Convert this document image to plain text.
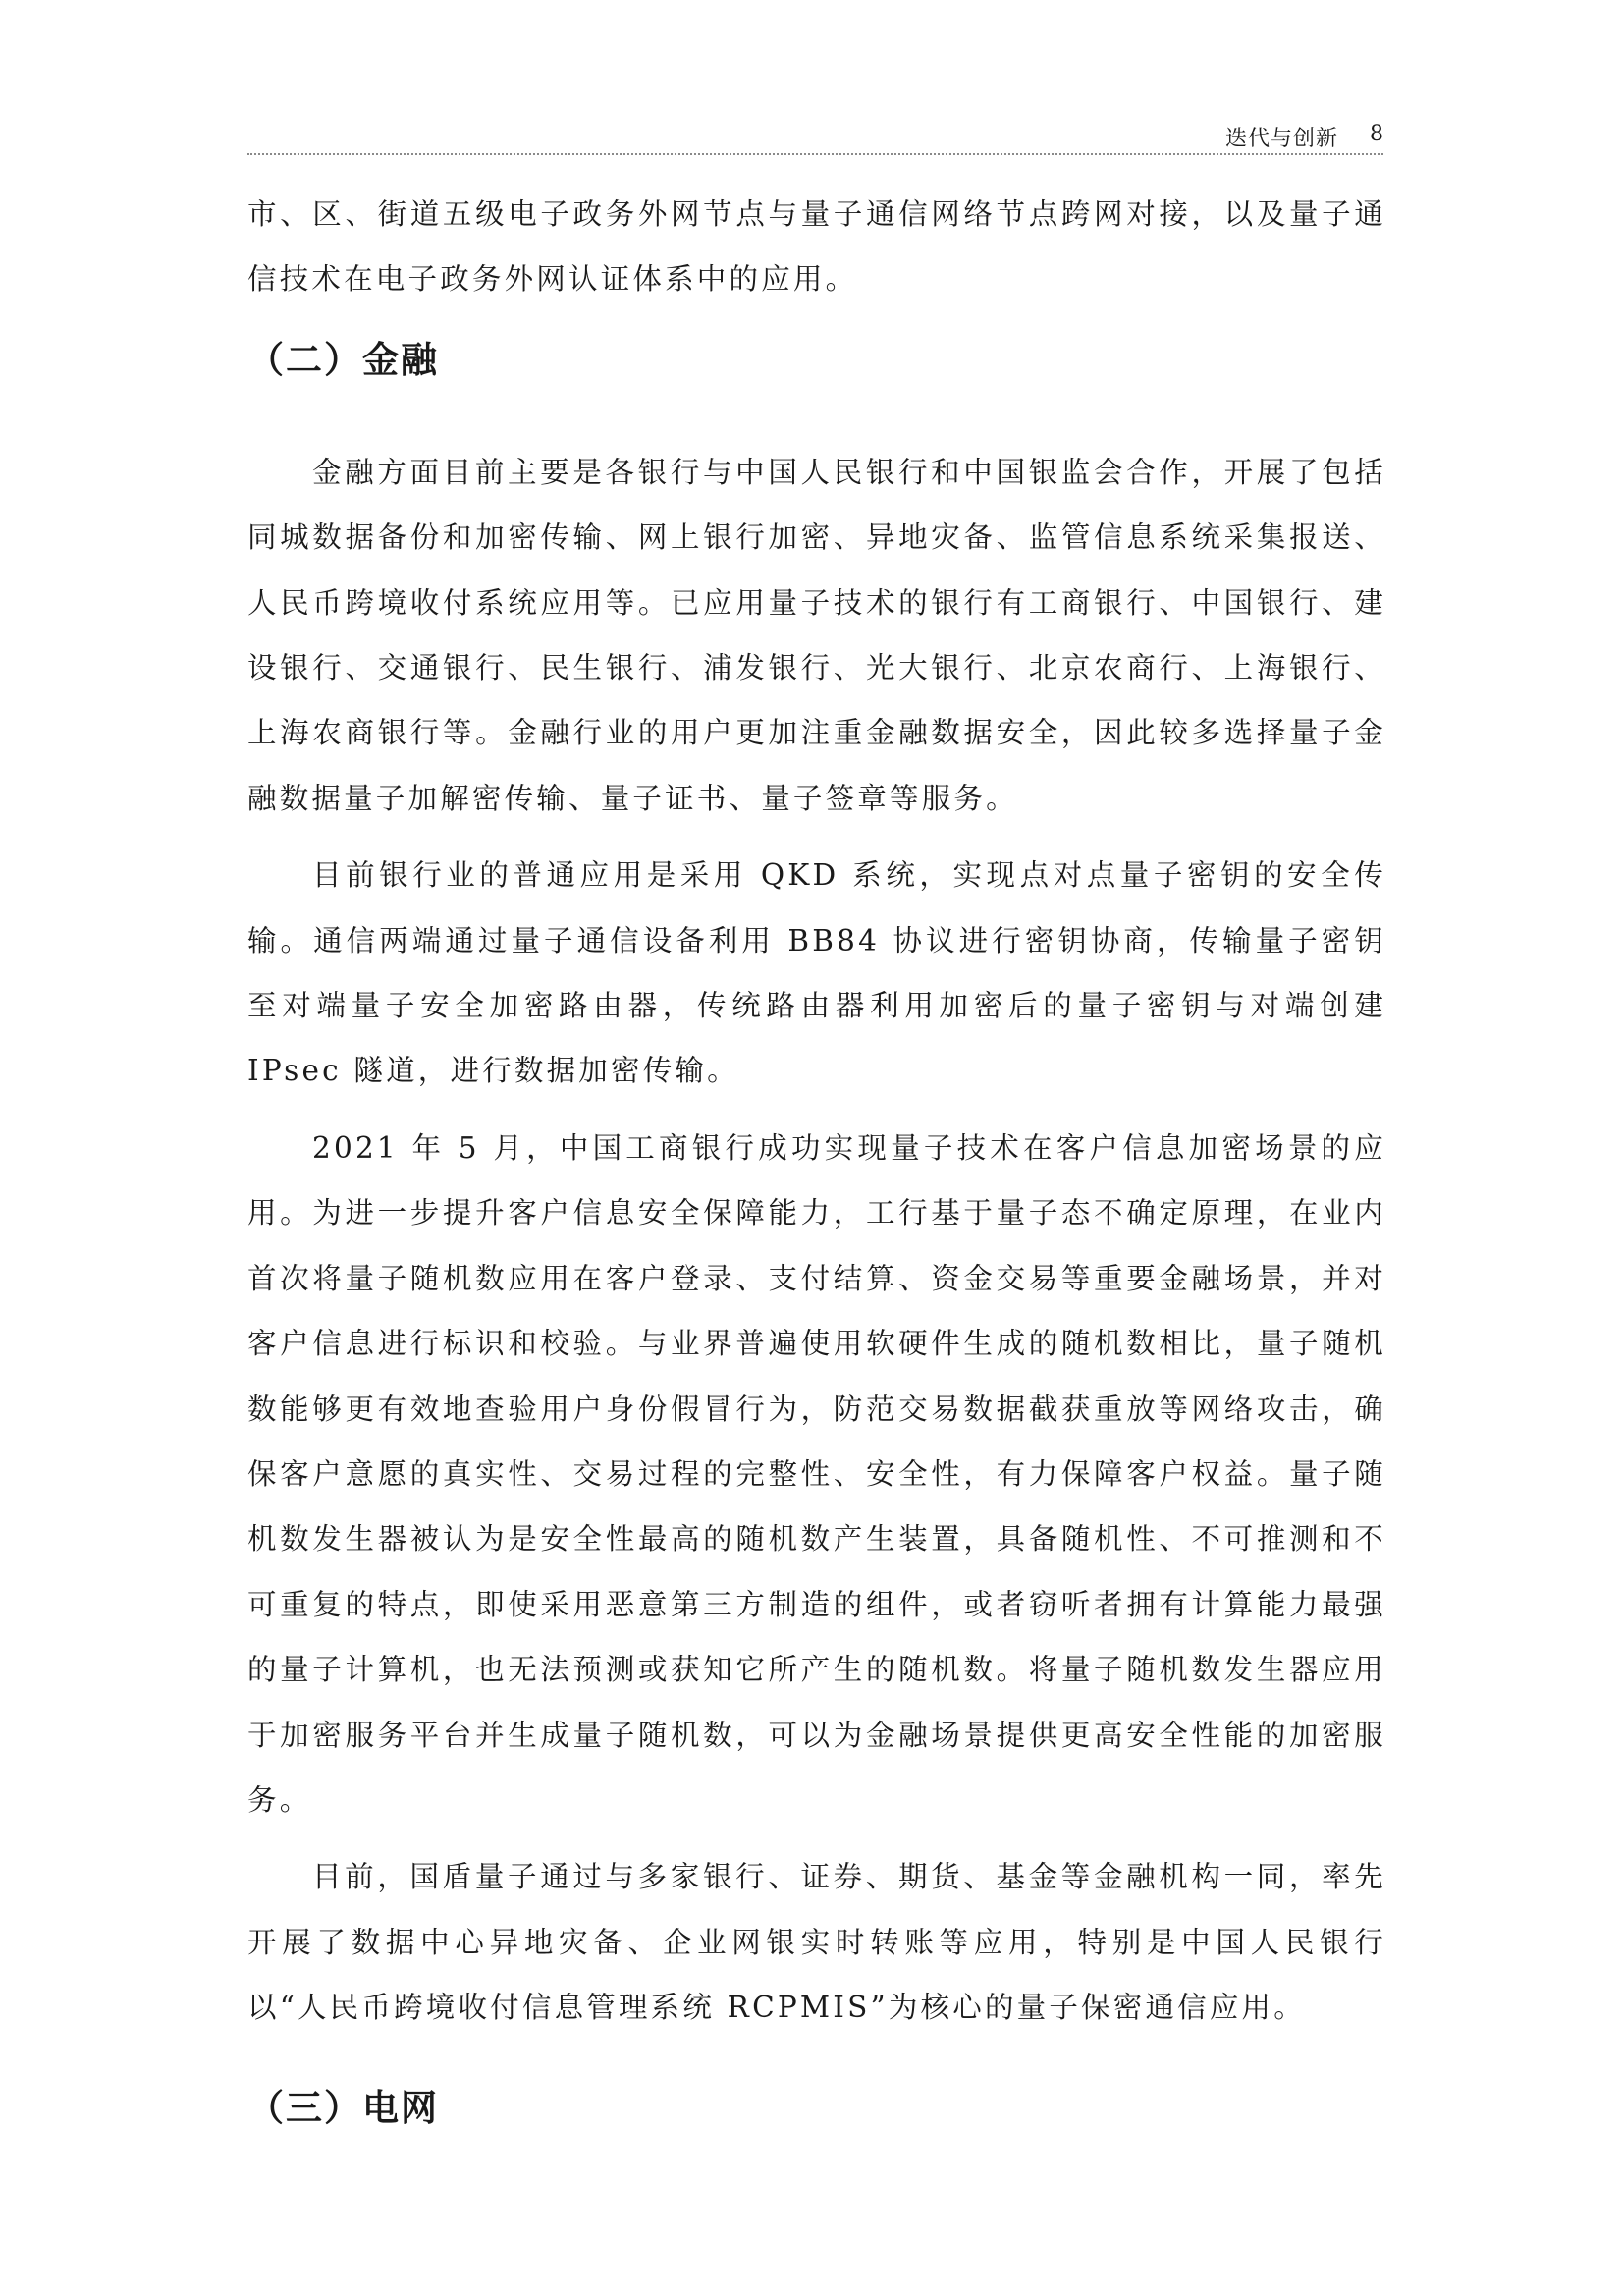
迭代与创新 8

市、区、街道五级电子政务外网节点与量子通信网络节点跨网对接，以及量子通信技术在电子政务外网认证体系中的应用。

（二）金融

金融方面目前主要是各银行与中国人民银行和中国银监会合作，开展了包括同城数据备份和加密传输、网上银行加密、异地灾备、监管信息系统采集报送、人民币跨境收付系统应用等。已应用量子技术的银行有工商银行、中国银行、建设银行、交通银行、民生银行、浦发银行、光大银行、北京农商行、上海银行、上海农商银行等。金融行业的用户更加注重金融数据安全，因此较多选择量子金融数据量子加解密传输、量子证书、量子签章等服务。

目前银行业的普通应用是采用 QKD 系统，实现点对点量子密钥的安全传输。通信两端通过量子通信设备利用 BB84 协议进行密钥协商，传输量子密钥至对端量子安全加密路由器，传统路由器利用加密后的量子密钥与对端创建 IPsec 隧道，进行数据加密传输。

2021 年 5 月，中国工商银行成功实现量子技术在客户信息加密场景的应用。为进一步提升客户信息安全保障能力，工行基于量子态不确定原理，在业内首次将量子随机数应用在客户登录、支付结算、资金交易等重要金融场景，并对客户信息进行标识和校验。与业界普遍使用软硬件生成的随机数相比，量子随机数能够更有效地查验用户身份假冒行为，防范交易数据截获重放等网络攻击，确保客户意愿的真实性、交易过程的完整性、安全性，有力保障客户权益。量子随机数发生器被认为是安全性最高的随机数产生装置，具备随机性、不可推测和不可重复的特点，即使采用恶意第三方制造的组件，或者窃听者拥有计算能力最强的量子计算机，也无法预测或获知它所产生的随机数。将量子随机数发生器应用于加密服务平台并生成量子随机数，可以为金融场景提供更高安全性能的加密服务。

目前，国盾量子通过与多家银行、证券、期货、基金等金融机构一同，率先开展了数据中心异地灾备、企业网银实时转账等应用，特别是中国人民银行以“人民币跨境收付信息管理系统 RCPMIS”为核心的量子保密通信应用。

（三）电网
